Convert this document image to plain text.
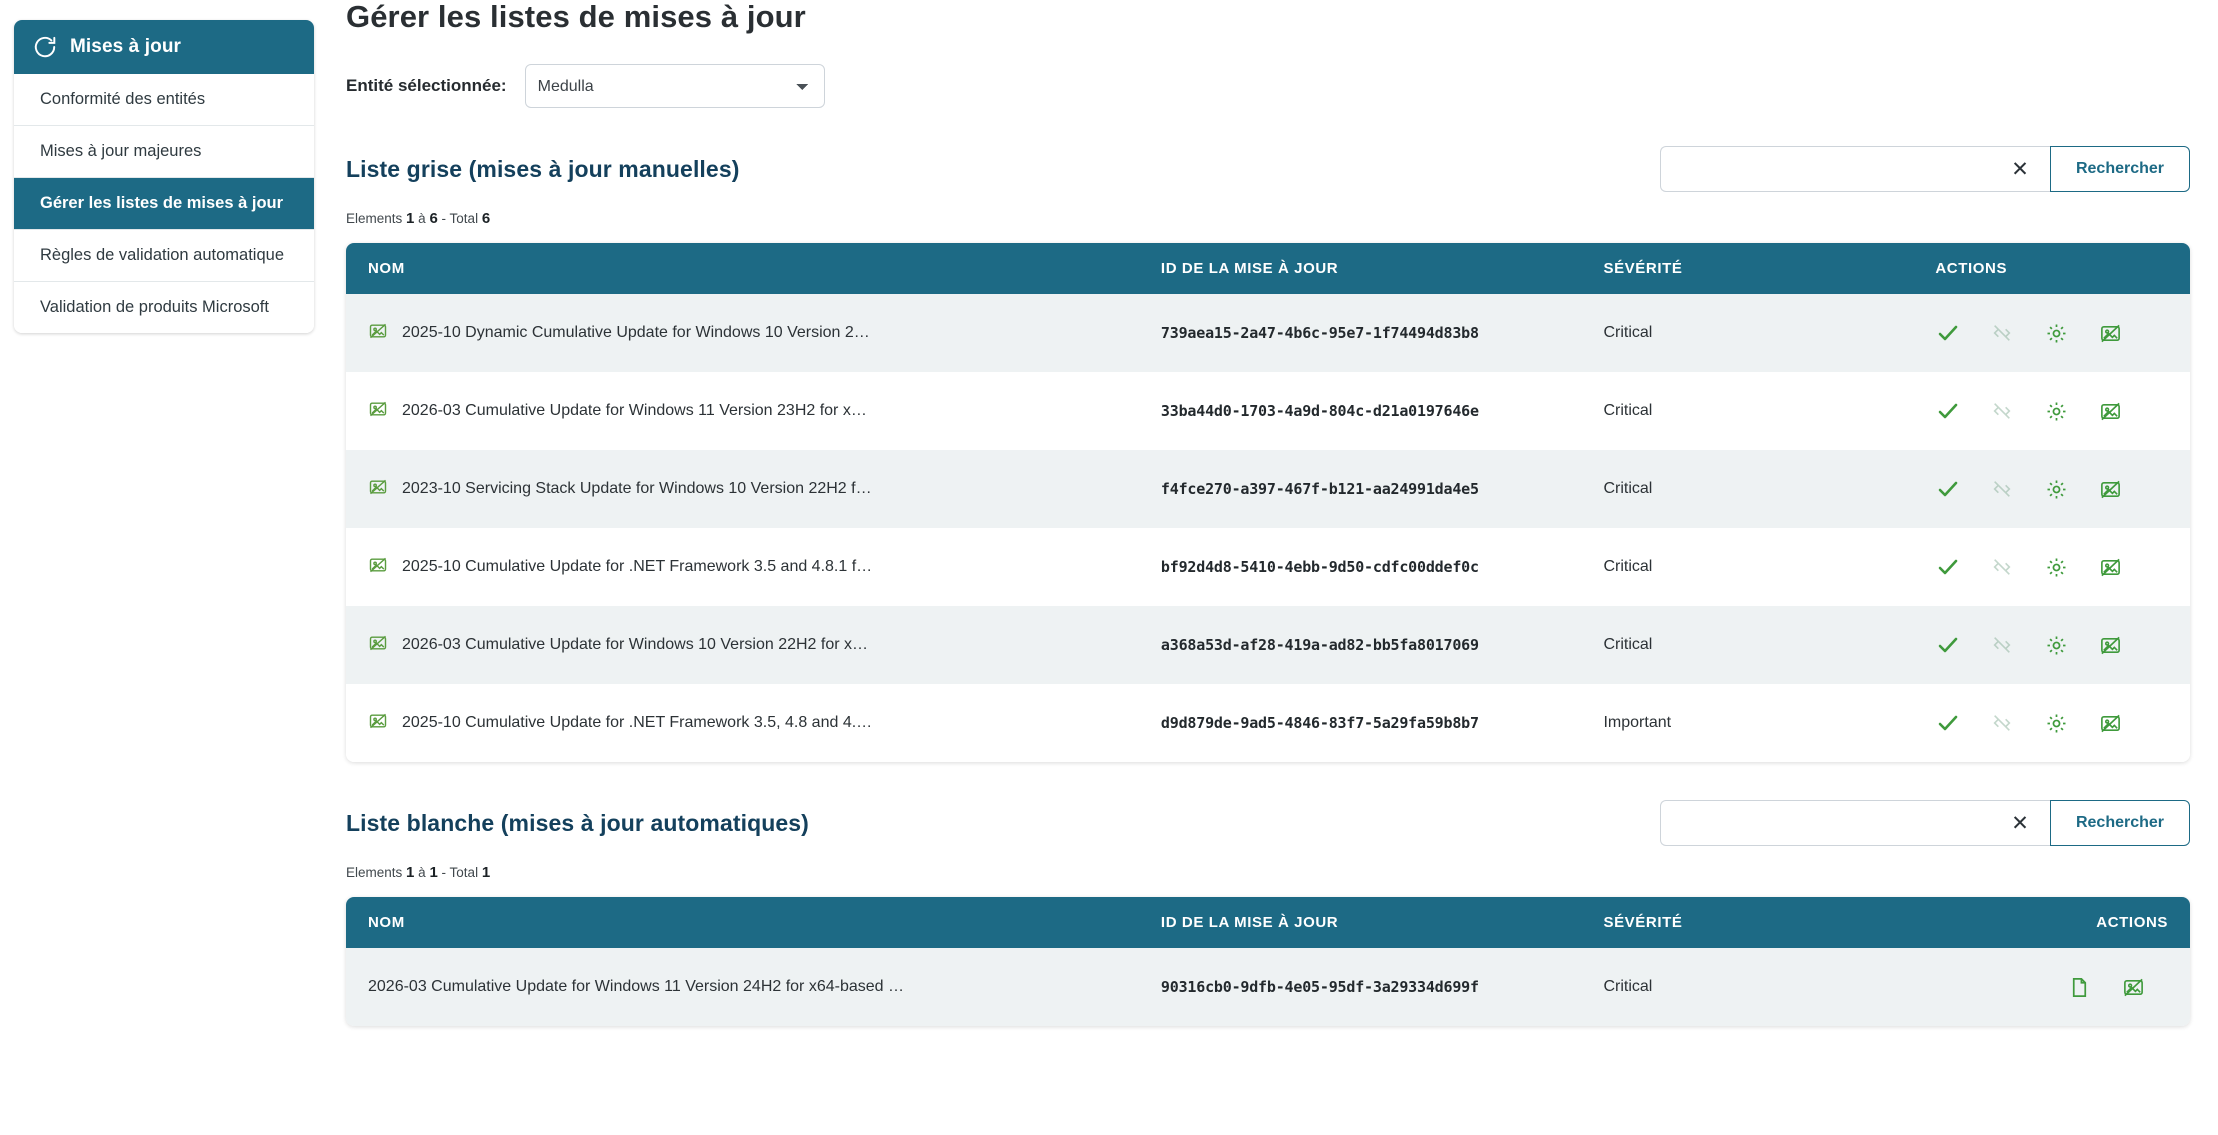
Mises à jour
Conformité des entités
Mises à jour majeures
Gérer les listes de mises à jour
Règles de validation automatique
Validation de produits Microsoft
Gérer les listes de mises à jour
Entité sélectionnée:
Medulla
Liste grise (mises à jour manuelles)	✕	Rechercher
Elements 1 à 6 - Total 6
NOM	ID DE LA MISE À JOUR	SÉVÉRITÉ	ACTIONS

2025-10 Dynamic Cumulative Update for Windows 10 Version 2…	739aea15-2a47-4b6c-95e7-1f74494d83b8	Critical	

2026-03 Cumulative Update for Windows 11 Version 23H2 for x…	33ba44d0-1703-4a9d-804c-d21a0197646e	Critical	

2023-10 Servicing Stack Update for Windows 10 Version 22H2 f…	f4fce270-a397-467f-b121-aa24991da4e5	Critical	

2025-10 Cumulative Update for .NET Framework 3.5 and 4.8.1 f…	bf92d4d8-5410-4ebb-9d50-cdfc00ddef0c	Critical	

2026-03 Cumulative Update for Windows 10 Version 22H2 for x…	a368a53d-af28-419a-ad82-bb5fa8017069	Critical	

2025-10 Cumulative Update for .NET Framework 3.5, 4.8 and 4.…	d9d879de-9ad5-4846-83f7-5a29fa59b8b7	Important	
Liste blanche (mises à jour automatiques)	✕	Rechercher
Elements 1 à 1 - Total 1
NOM	ID DE LA MISE À JOUR	SÉVÉRITÉ	ACTIONS

2026-03 Cumulative Update for Windows 11 Version 24H2 for x64-based …	90316cb0-9dfb-4e05-95df-3a29334d699f	Critical	
